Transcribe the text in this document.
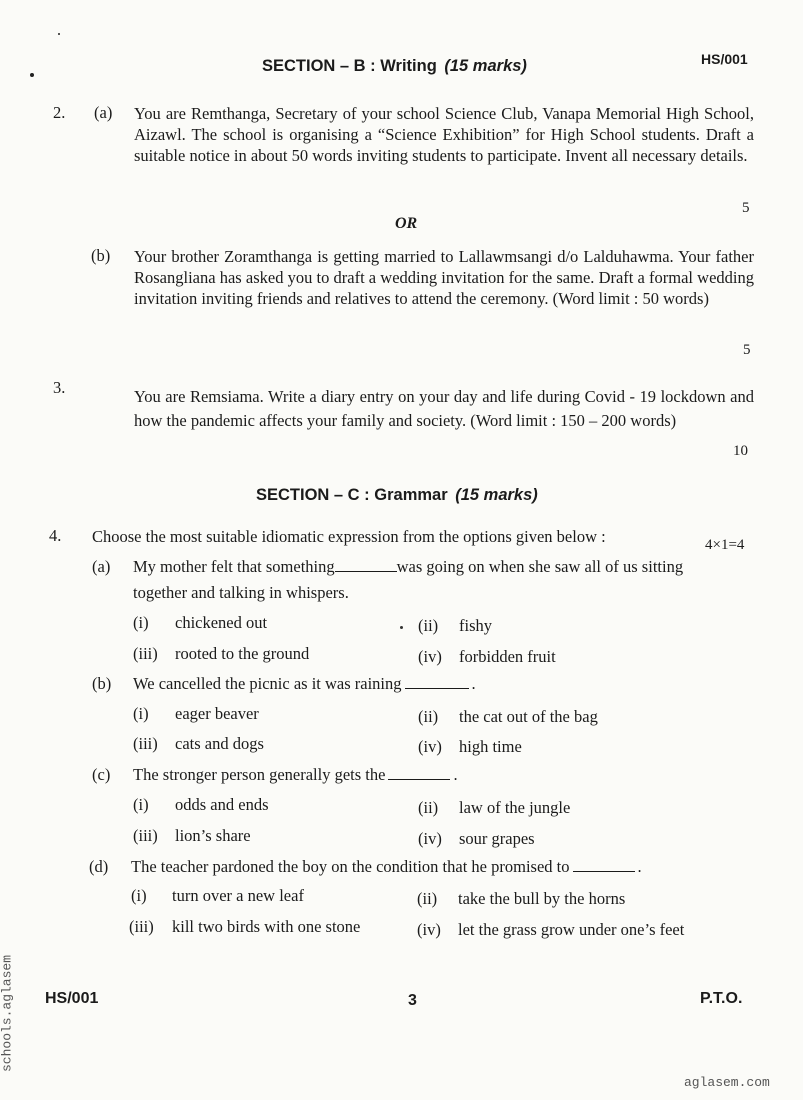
SECTION – B : Writing (15 marks)	HS/001
2. (a) You are Remthanga, Secretary of your school Science Club, Vanapa Memorial High School, Aizawl. The school is organising a “Science Exhibition” for High School students. Draft a suitable notice in about 50 words inviting students to participate. Invent all necessary details.
5
OR
(b) Your brother Zoramthanga is getting married to Lallawmsangi d/o Lalduhawma. Your father Rosangliana has asked you to draft a wedding invitation for the same. Draft a formal wedding invitation inviting friends and relatives to attend the ceremony. (Word limit : 50 words)
5
3.	You are Remsiama. Write a diary entry on your day and life during Covid - 19 lockdown and how the pandemic affects your family and society. (Word limit : 150 – 200 words)
10
SECTION – C : Grammar (15 marks)
4. Choose the most suitable idiomatic expression from the options given below :	4×1=4
(a) My mother felt that something	was going on when she saw all of us sitting
together and talking in whispers.
(i) chickened out	(ii) fishy
(iii) rooted to the ground	(iv) forbidden fruit
(b) We cancelled the picnic as it was raining	.
(i) eager beaver	(ii) the cat out of the bag
(iii) cats and dogs	(iv) high time
(c) The stronger person generally gets the	.
(i) odds and ends	(ii) law of the jungle
(iii) lion’s share	(iv) sour grapes
(d) The teacher pardoned the boy on the condition that he promised to	.
(i) turn over a new leaf	(ii) take the bull by the horns
(iii) kill two birds with one stone	(iv) let the grass grow under one’s feet
HS/001	3	P.T.O.
schools.aglasem
aglasem.com
